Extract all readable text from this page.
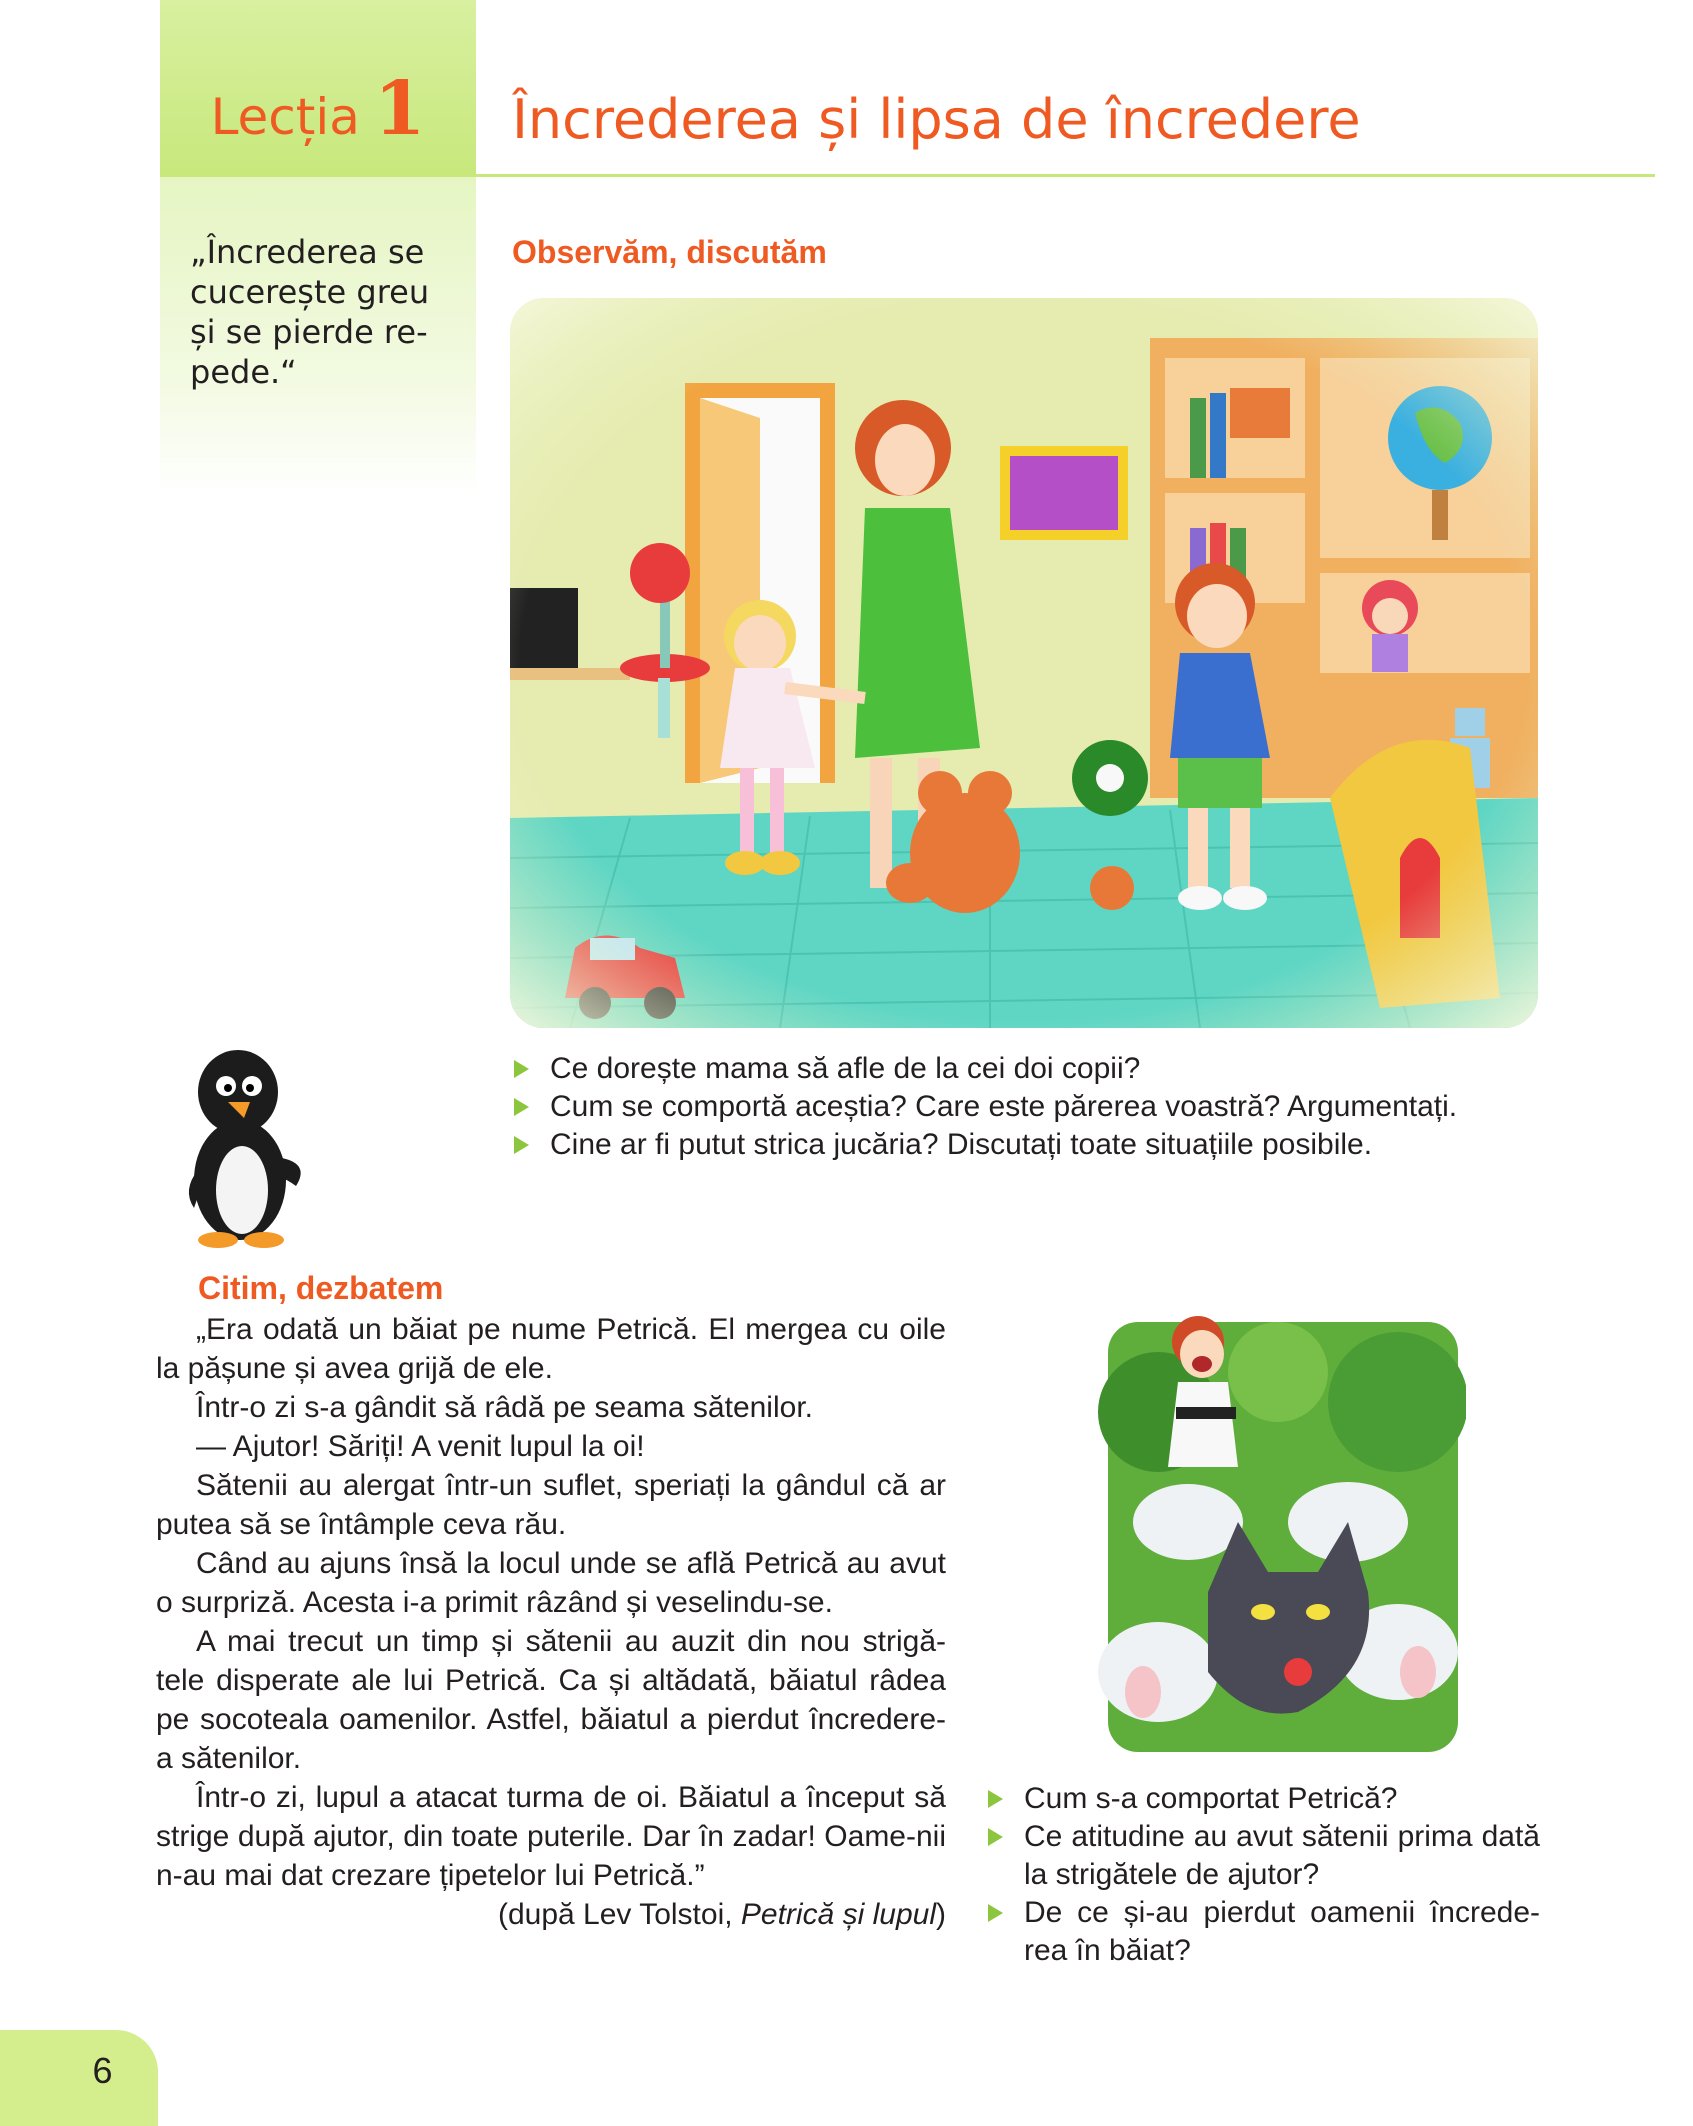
Lecția 1	Încrederea și lipsa de încredere
„Încrederea se
cucerește greu
și se pierde re-
pede.“
Observăm, discutăm
Ce dorește mama să afle de la cei doi copii?
Cum se comportă aceștia? Care este părerea voastră? Argumentați.
Cine ar fi putut strica jucăria? Discutați toate situațiile posibile.
Citim, dezbatem

„Era odată un băiat pe nume Petrică. El mergea cu oile la pășune și avea grijă de ele.

Într-o zi s-a gândit să râdă pe seama sătenilor.

— Ajutor! Săriți! A venit lupul la oi!

Sătenii au alergat într-un suflet, speriați la gândul că ar putea să se întâmple ceva rău.

Când au ajuns însă la locul unde se află Petrică au avut o surpriză. Acesta i-a primit râzând și veselindu-se.

A mai trecut un timp și sătenii au auzit din nou strigă-tele disperate ale lui Petrică. Ca și altădată, băiatul râdea pe socoteala oamenilor. Astfel, băiatul a pierdut încredere-a sătenilor.

Într-o zi, lupul a atacat turma de oi. Băiatul a început să strige după ajutor, din toate puterile. Dar în zadar! Oame-nii n-au mai dat crezare țipetelor lui Petrică.”

(după Lev Tolstoi, Petrică și lupul)

Cum s-a comportat Petrică?
Ce atitudine au avut sătenii prima dată la strigătele de ajutor?
De ce și-au pierdut oamenii încrede-rea în băiat?
6
